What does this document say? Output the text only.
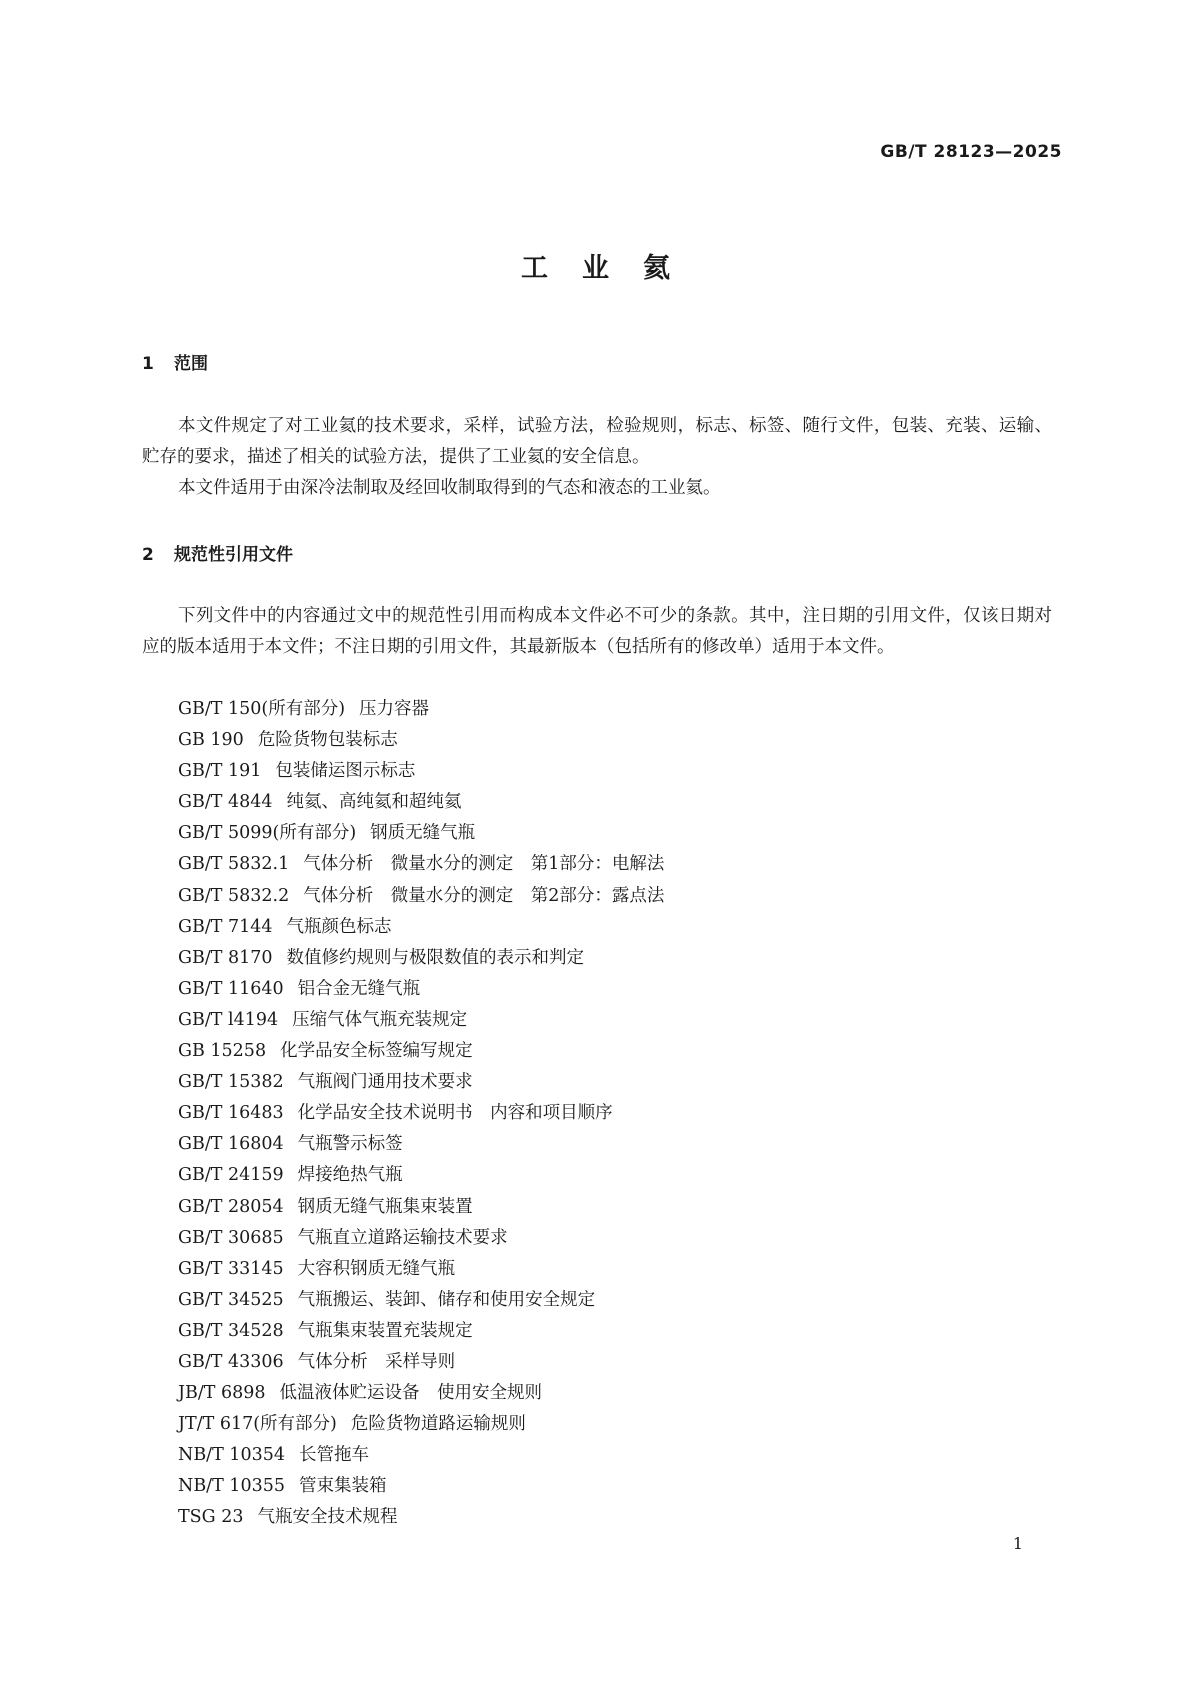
GB/T 28123—2025
工业氦
1 范围

本文件规定了对工业氦的技术要求，采样，试验方法，检验规则，标志、标签、随行文件，包装、充装、运输、贮存的要求，描述了相关的试验方法，提供了工业氦的安全信息。

本文件适用于由深冷法制取及经回收制取得到的气态和液态的工业氦。

2 规范性引用文件

下列文件中的内容通过文中的规范性引用而构成本文件必不可少的条款。其中，注日期的引用文件，仅该日期对应的版本适用于本文件；不注日期的引用文件，其最新版本（包括所有的修改单）适用于本文件。

GB/T 150(所有部分) 压力容器
GB 190 危险货物包装标志
GB/T 191 包装储运图示标志
GB/T 4844 纯氦、高纯氦和超纯氦
GB/T 5099(所有部分) 钢质无缝气瓶
GB/T 5832.1 气体分析　微量水分的测定　第1部分：电解法
GB/T 5832.2 气体分析　微量水分的测定　第2部分：露点法
GB/T 7144 气瓶颜色标志
GB/T 8170 数值修约规则与极限数值的表示和判定
GB/T 11640 铝合金无缝气瓶
GB/T l4194 压缩气体气瓶充装规定
GB 15258 化学品安全标签编写规定
GB/T 15382 气瓶阀门通用技术要求
GB/T 16483 化学品安全技术说明书　内容和项目顺序
GB/T 16804 气瓶警示标签
GB/T 24159 焊接绝热气瓶
GB/T 28054 钢质无缝气瓶集束装置
GB/T 30685 气瓶直立道路运输技术要求
GB/T 33145 大容积钢质无缝气瓶
GB/T 34525 气瓶搬运、装卸、储存和使用安全规定
GB/T 34528 气瓶集束装置充装规定
GB/T 43306 气体分析　采样导则
JB/T 6898 低温液体贮运设备　使用安全规则
JT/T 617(所有部分) 危险货物道路运输规则
NB/T 10354 长管拖车
NB/T 10355 管束集装箱
TSG 23 气瓶安全技术规程
1
